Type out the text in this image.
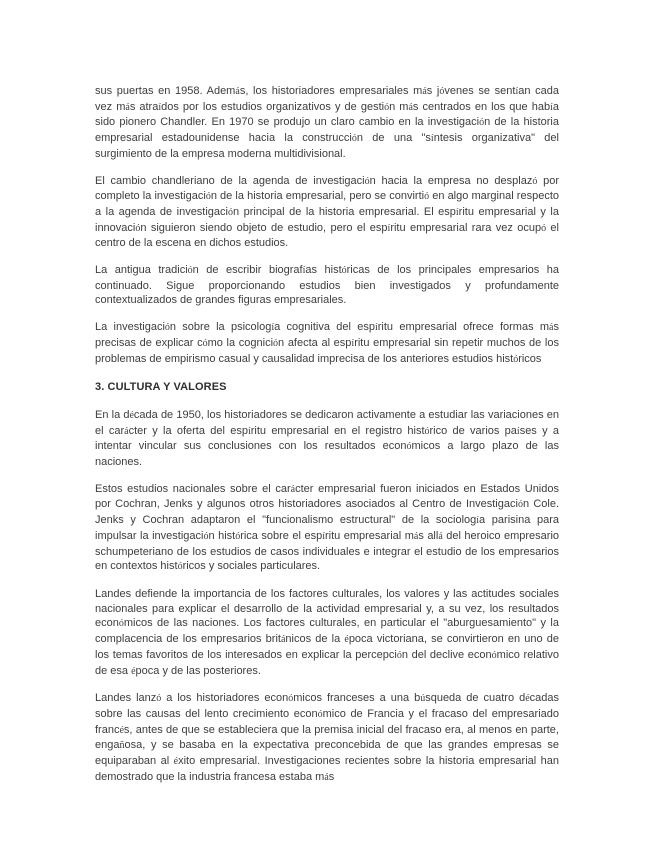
sus puertas en 1958. Además, los historiadores empresariales más jóvenes se sentían cada vez más atraídos por los estudios organizativos y de gestión más centrados en los que había sido pionero Chandler. En 1970 se produjo un claro cambio en la investigación de la historia empresarial estadounidense hacia la construcción de una "síntesis organizativa" del surgimiento de la empresa moderna multidivisional.

El cambio chandleriano de la agenda de investigación hacia la empresa no desplazó por completo la investigación de la historia empresarial, pero se convirtió en algo marginal respecto a la agenda de investigación principal de la historia empresarial. El espíritu empresarial y la innovación siguieron siendo objeto de estudio, pero el espíritu empresarial rara vez ocupó el centro de la escena en dichos estudios.

La antigua tradición de escribir biografías históricas de los principales empresarios ha continuado. Sigue proporcionando estudios bien investigados y profundamente contextualizados de grandes figuras empresariales.

La investigación sobre la psicología cognitiva del espíritu empresarial ofrece formas más precisas de explicar cómo la cognición afecta al espíritu empresarial sin repetir muchos de los problemas de empirismo casual y causalidad imprecisa de los anteriores estudios históricos

3. CULTURA Y VALORES

En la década de 1950, los historiadores se dedicaron activamente a estudiar las variaciones en el carácter y la oferta del espíritu empresarial en el registro histórico de varios países y a intentar vincular sus conclusiones con los resultados económicos a largo plazo de las naciones.

Estos estudios nacionales sobre el carácter empresarial fueron iniciados en Estados Unidos por Cochran, Jenks y algunos otros historiadores asociados al Centro de Investigación Cole. Jenks y Cochran adaptaron el "funcionalismo estructural" de la sociología parisina para impulsar la investigación histórica sobre el espíritu empresarial más allá del heroico empresario schumpeteriano de los estudios de casos individuales e integrar el estudio de los empresarios en contextos históricos y sociales particulares.

Landes defiende la importancia de los factores culturales, los valores y las actitudes sociales nacionales para explicar el desarrollo de la actividad empresarial y, a su vez, los resultados económicos de las naciones. Los factores culturales, en particular el "aburguesamiento" y la complacencia de los empresarios británicos de la época victoriana, se convirtieron en uno de los temas favoritos de los interesados en explicar la percepción del declive económico relativo de esa época y de las posteriores.

Landes lanzó a los historiadores económicos franceses a una búsqueda de cuatro décadas sobre las causas del lento crecimiento económico de Francia y el fracaso del empresariado francés, antes de que se estableciera que la premisa inicial del fracaso era, al menos en parte, engañosa, y se basaba en la expectativa preconcebida de que las grandes empresas se equiparaban al éxito empresarial. Investigaciones recientes sobre la historia empresarial han demostrado que la industria francesa estaba más
